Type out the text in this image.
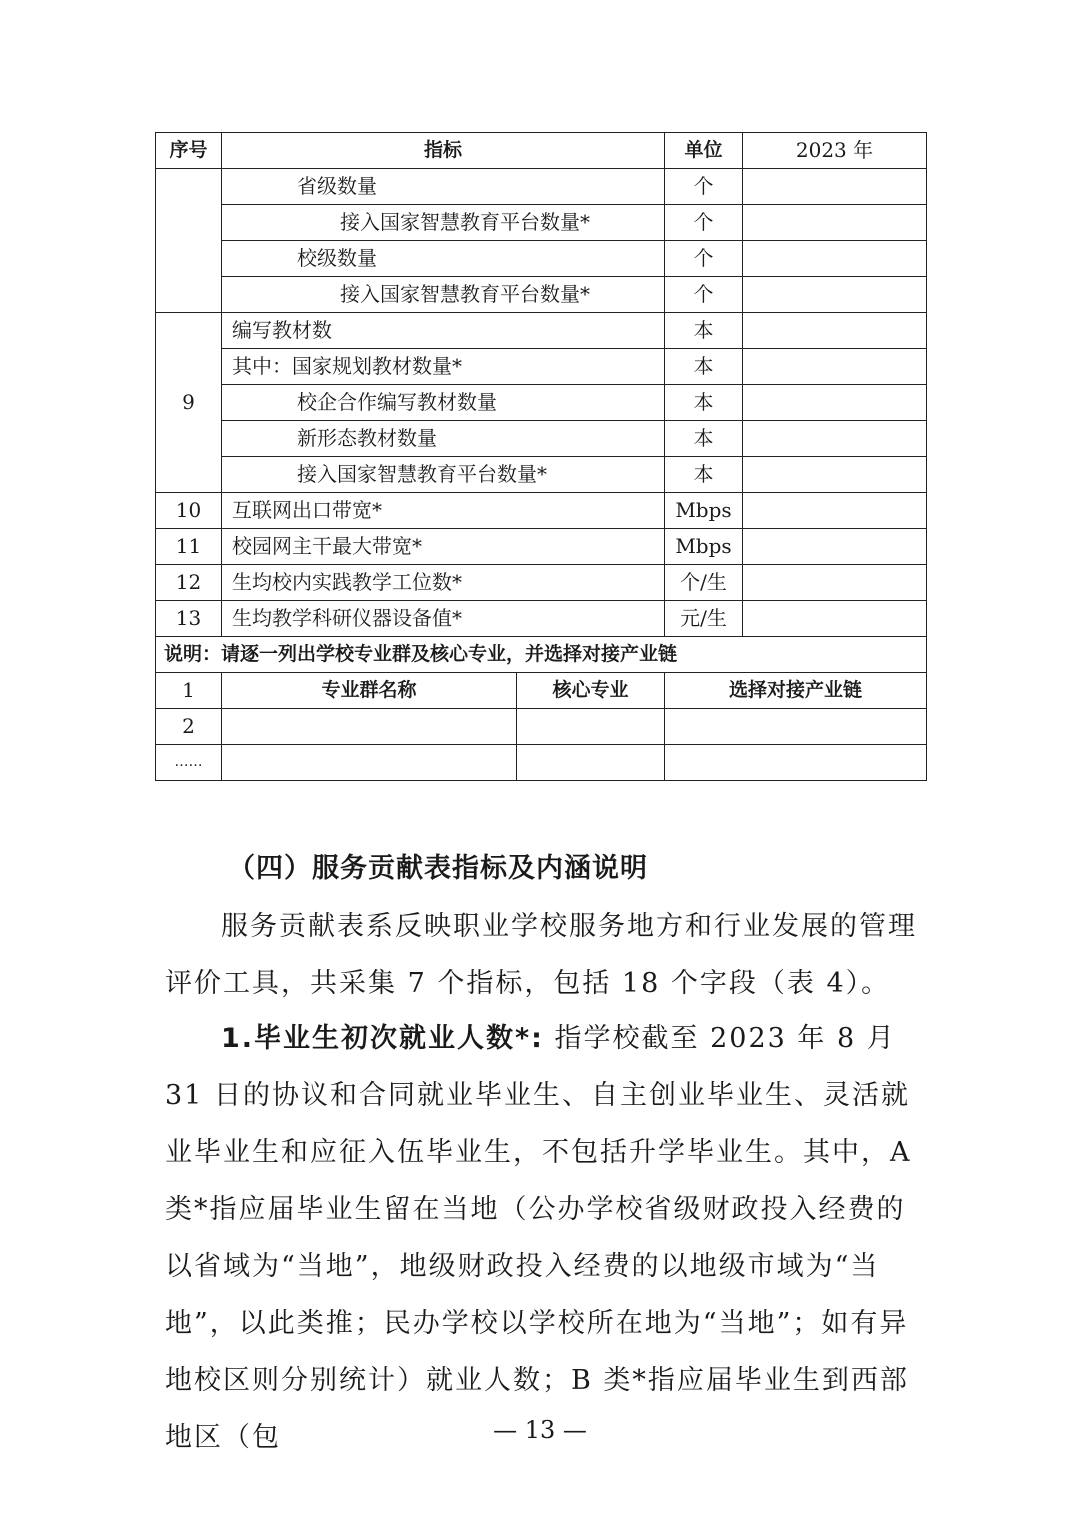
序号	指标		单位	2023 年
	省级数量		个	
	接入国家智慧教育平台数量*		个	
	校级数量		个	
	接入国家智慧教育平台数量*		个	
9	编写教材数		本	
	其中：国家规划教材数量*		本	
	校企合作编写教材数量		本	
	新形态教材数量		本	
	接入国家智慧教育平台数量*		本	
10	互联网出口带宽*		Mbps	
11	校园网主干最大带宽*		Mbps	
12	生均校内实践教学工位数*		个/生	
13	生均教学科研仪器设备值*		元/生	
说明：请逐一列出学校专业群及核心专业，并选择对接产业链				
1	专业群名称	核心专业	选择对接产业链	
2				
……				
（四）服务贡献表指标及内涵说明
服务贡献表系反映职业学校服务地方和行业发展的管理评价工具，共采集 7 个指标，包括 18 个字段（表 4）。
1.毕业生初次就业人数*: 指学校截至 2023 年 8 月 31 日的协议和合同就业毕业生、自主创业毕业生、灵活就业毕业生和应征入伍毕业生，不包括升学毕业生。其中，A 类*指应届毕业生留在当地（公办学校省级财政投入经费的以省域为“当地”，地级财政投入经费的以地级市域为“当地”，以此类推；民办学校以学校所在地为“当地”；如有异地校区则分别统计）就业人数；B 类*指应届毕业生到西部地区（包	— 13 —
